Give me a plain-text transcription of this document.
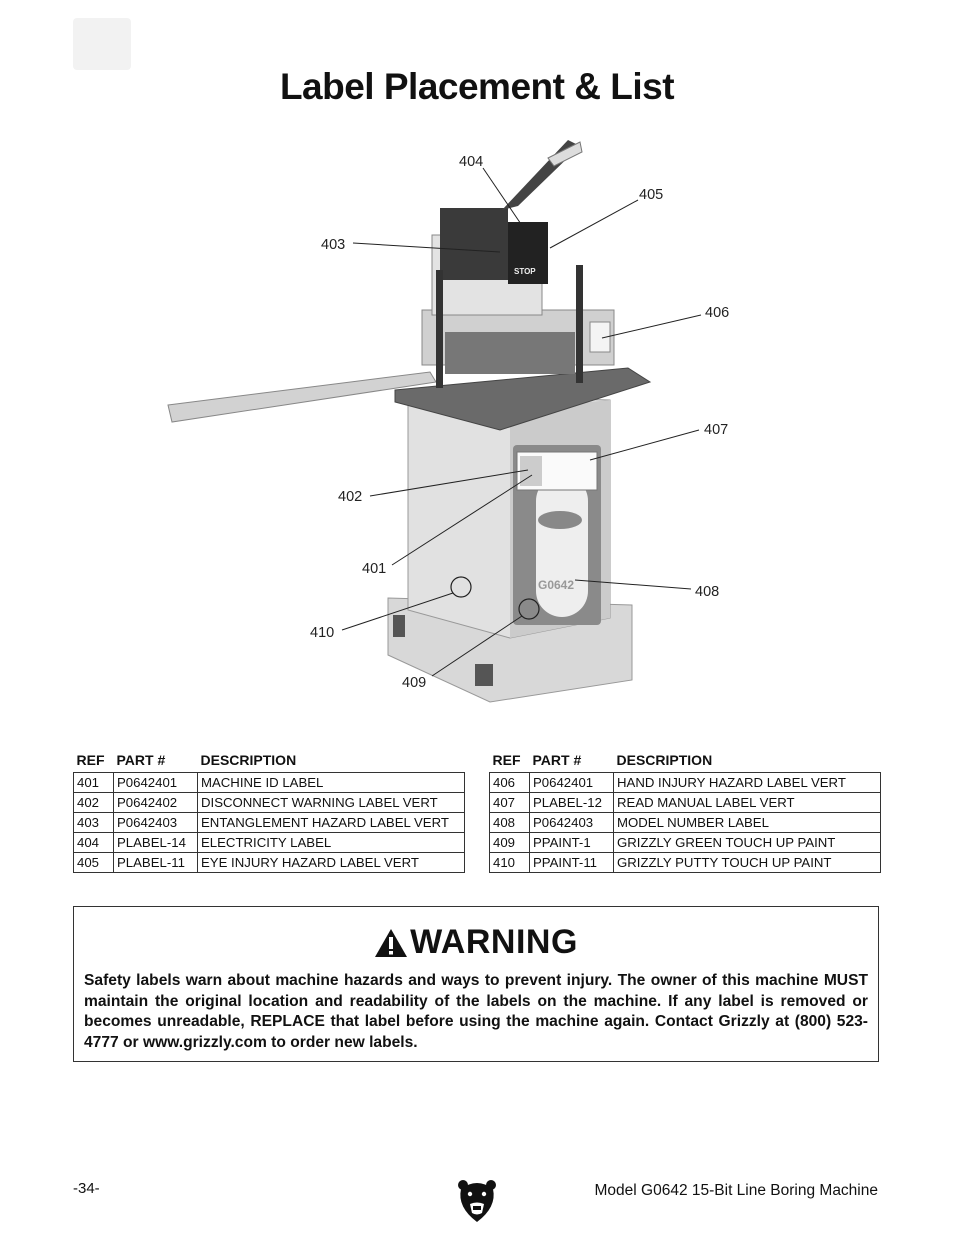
Label Placement & List
G0642
STOP
404
405
403
406
407
402
401
408
410
409
REF	PART #	DESCRIPTION
401	P0642401	MACHINE ID LABEL
402	P0642402	DISCONNECT WARNING LABEL VERT
403	P0642403	ENTANGLEMENT HAZARD LABEL VERT
404	PLABEL-14	ELECTRICITY LABEL
405	PLABEL-11	EYE INJURY HAZARD LABEL VERT
REF	PART #	DESCRIPTION
406	P0642401	HAND INJURY HAZARD LABEL VERT
407	PLABEL-12	READ MANUAL LABEL VERT
408	P0642403	MODEL NUMBER LABEL
409	PPAINT-1	GRIZZLY GREEN TOUCH UP PAINT
410	PPAINT-11	GRIZZLY PUTTY TOUCH UP PAINT
WARNING

Safety labels warn about machine hazards and ways to prevent injury. The owner of this machine MUST maintain the original location and readability of the labels on the machine. If any label is removed or becomes unreadable, REPLACE that label before using the machine again. Contact Grizzly at (800) 523-4777 or www.grizzly.com to order new labels.

-34-	Model G0642 15-Bit Line Boring Machine
